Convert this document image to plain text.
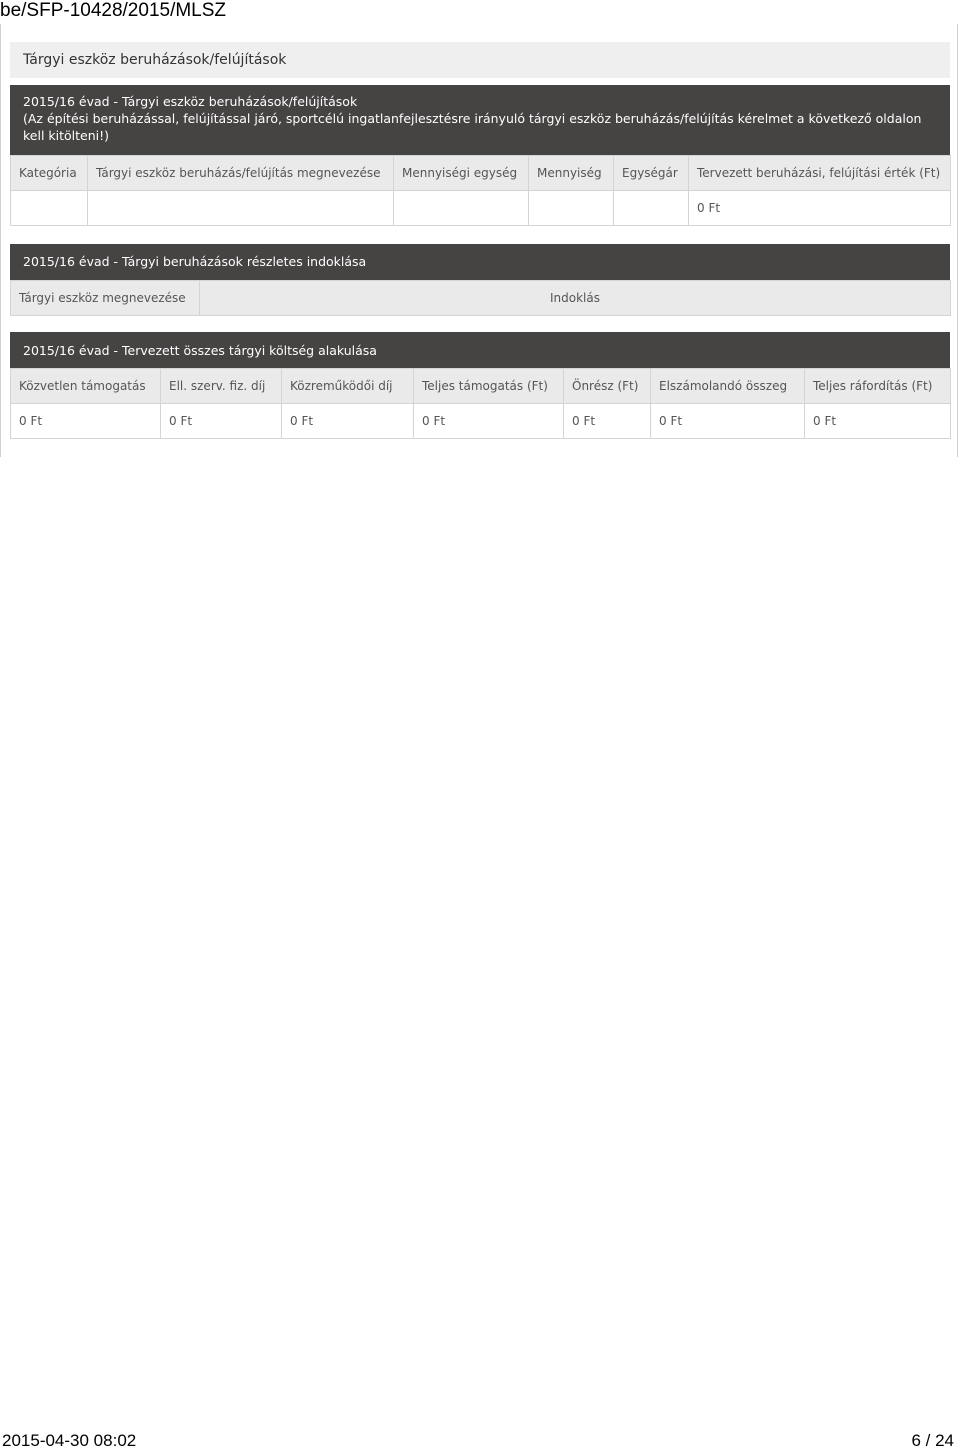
be/SFP-10428/2015/MLSZ
Tárgyi eszköz beruházások/felújítások
2015/16 évad - Tárgyi eszköz beruházások/felújítások
(Az építési beruházással, felújítással járó, sportcélú ingatlanfejlesztésre irányuló tárgyi eszköz beruházás/felújítás kérelmet a következő oldalon kell kitölteni!)
Kategória	Tárgyi eszköz beruházás/felújítás megnevezése	Mennyiségi egység	Mennyiség	Egységár	Tervezett beruházási, felújítási érték (Ft)
					0 Ft
2015/16 évad - Tárgyi beruházások részletes indoklása
Tárgyi eszköz megnevezése	Indoklás
2015/16 évad - Tervezett összes tárgyi költség alakulása
Közvetlen támogatás	Ell. szerv. fiz. díj	Közreműködői díj	Teljes támogatás (Ft)	Önrész (Ft)	Elszámolandó összeg	Teljes ráfordítás (Ft)
0 Ft	0 Ft	0 Ft	0 Ft	0 Ft	0 Ft	0 Ft
2015-04-30 08:02	6 / 24
